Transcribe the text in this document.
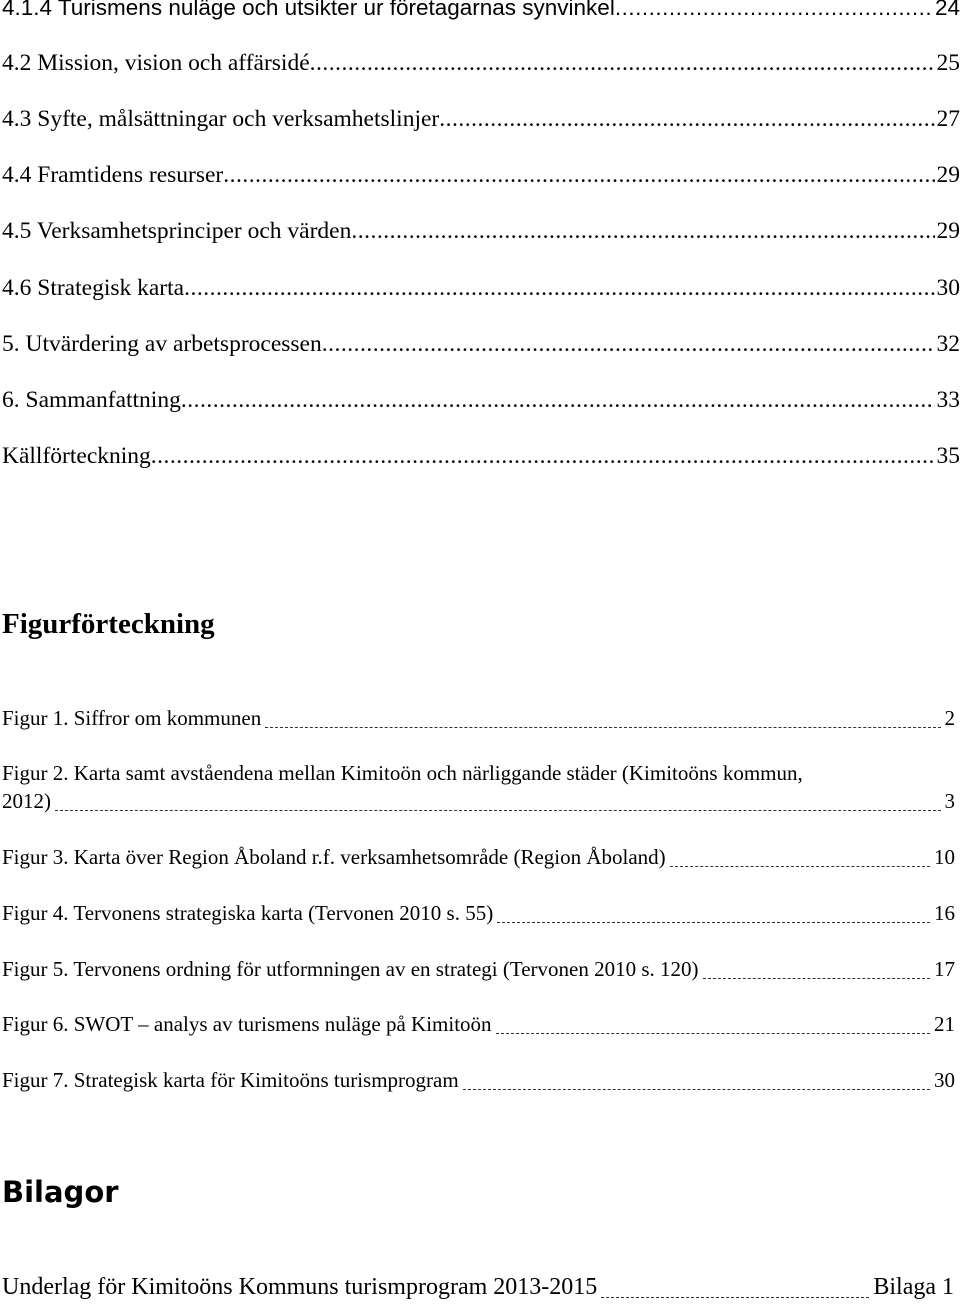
4.1.4 Turismens nuläge och utsikter ur företagarnas synvinkel .....	24
4.2 Mission, vision och affärsidé .....	25
4.3 Syfte, målsättningar och verksamhetslinjer .....	27
4.4 Framtidens resurser .....	29
4.5 Verksamhetsprinciper och värden .....	29
4.6 Strategisk karta .....	30
5. Utvärdering av arbetsprocessen .....	32
6. Sammanfattning .....	33
Källförteckning .....	35
Figurförteckning
Figur 1. Siffror om kommunen	2
Figur 2. Karta samt avståendena mellan Kimitoön och närliggande städer (Kimitoöns kommun,
2012)	3
Figur 3. Karta över Region Åboland r.f. verksamhetsområde (Region Åboland)	10
Figur 4. Tervonens strategiska karta (Tervonen 2010 s. 55)	16
Figur 5. Tervonens ordning för utformningen av en strategi (Tervonen 2010 s. 120)	17
Figur 6. SWOT – analys av turismens nuläge på Kimitoön	21
Figur 7. Strategisk karta för Kimitoöns turismprogram	30
Bilagor
Underlag för Kimitoöns Kommuns turismprogram 2013-2015	Bilaga 1
